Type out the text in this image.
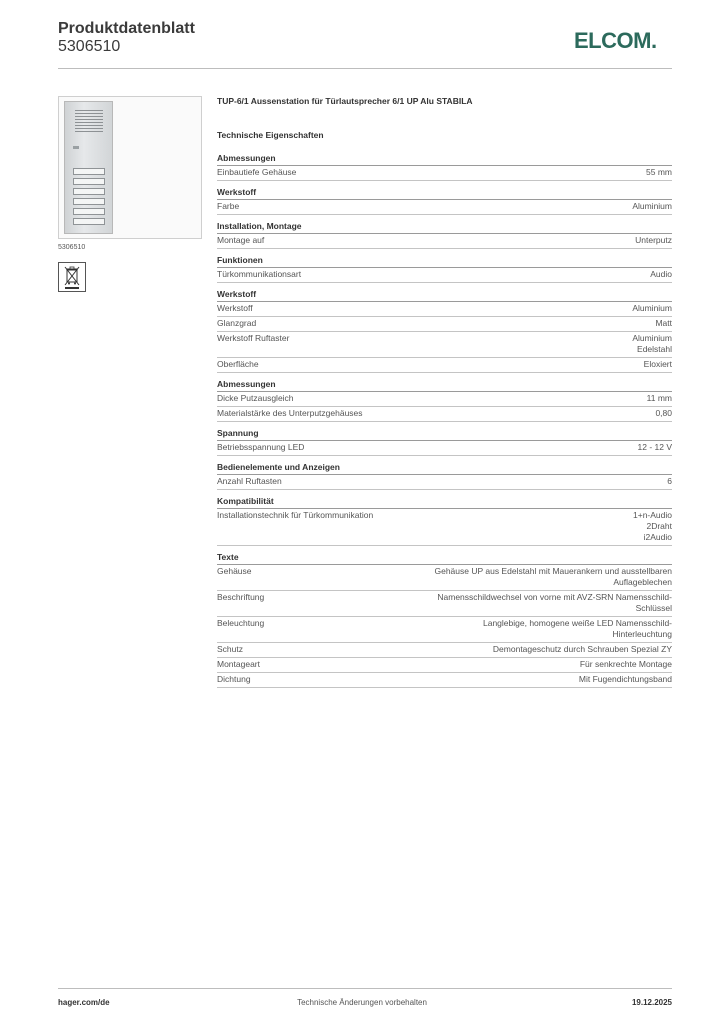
Produktdatenblatt
5306510	ELCOM.
5306510
TUP-6/1 Aussenstation für Türlautsprecher 6/1 UP Alu STABILA
Technische Eigenschaften
Abmessungen
Einbautiefe Gehäuse	55 mm
Werkstoff
Farbe	Aluminium
Installation, Montage
Montage auf	Unterputz
Funktionen
Türkommunikationsart	Audio
Werkstoff
Werkstoff	Aluminium
Glanzgrad	Matt
Werkstoff Ruftaster	Aluminium
Edelstahl
Oberfläche	Eloxiert
Abmessungen
Dicke Putzausgleich	11 mm
Materialstärke des Unterputzgehäuses	0,80
Spannung
Betriebsspannung LED	12 - 12 V
Bedienelemente und Anzeigen
Anzahl Ruftasten	6
Kompatibilität
Installationstechnik für Türkommunikation	1+n-Audio
2Draht
i2Audio
Texte
Gehäuse	Gehäuse UP aus Edelstahl mit Mauerankern und ausstellbaren
Auflageblechen
Beschriftung	Namensschildwechsel von vorne mit AVZ-SRN Namensschild-
Schlüssel
Beleuchtung	Langlebige, homogene weiße LED Namensschild-
Hinterleuchtung
Schutz	Demontageschutz durch Schrauben Spezial ZY
Montageart	Für senkrechte Montage
Dichtung	Mit Fugendichtungsband
hager.com/de	Technische Änderungen vorbehalten	19.12.2025
